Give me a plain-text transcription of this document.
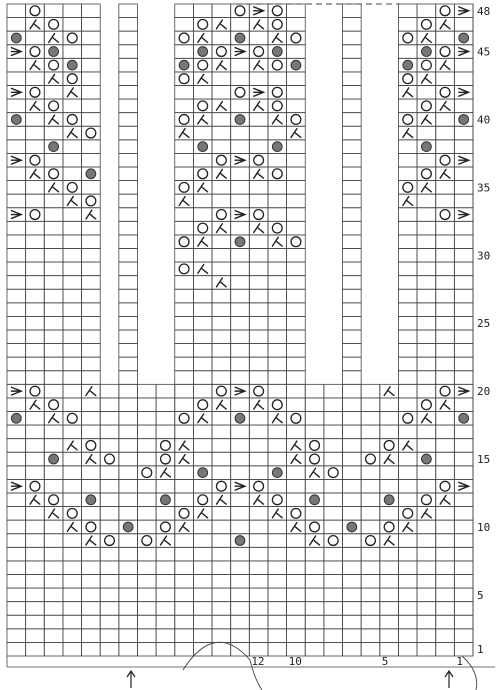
48
45
40
35
30
25
20
15
10
5
1
12 10	5	1
